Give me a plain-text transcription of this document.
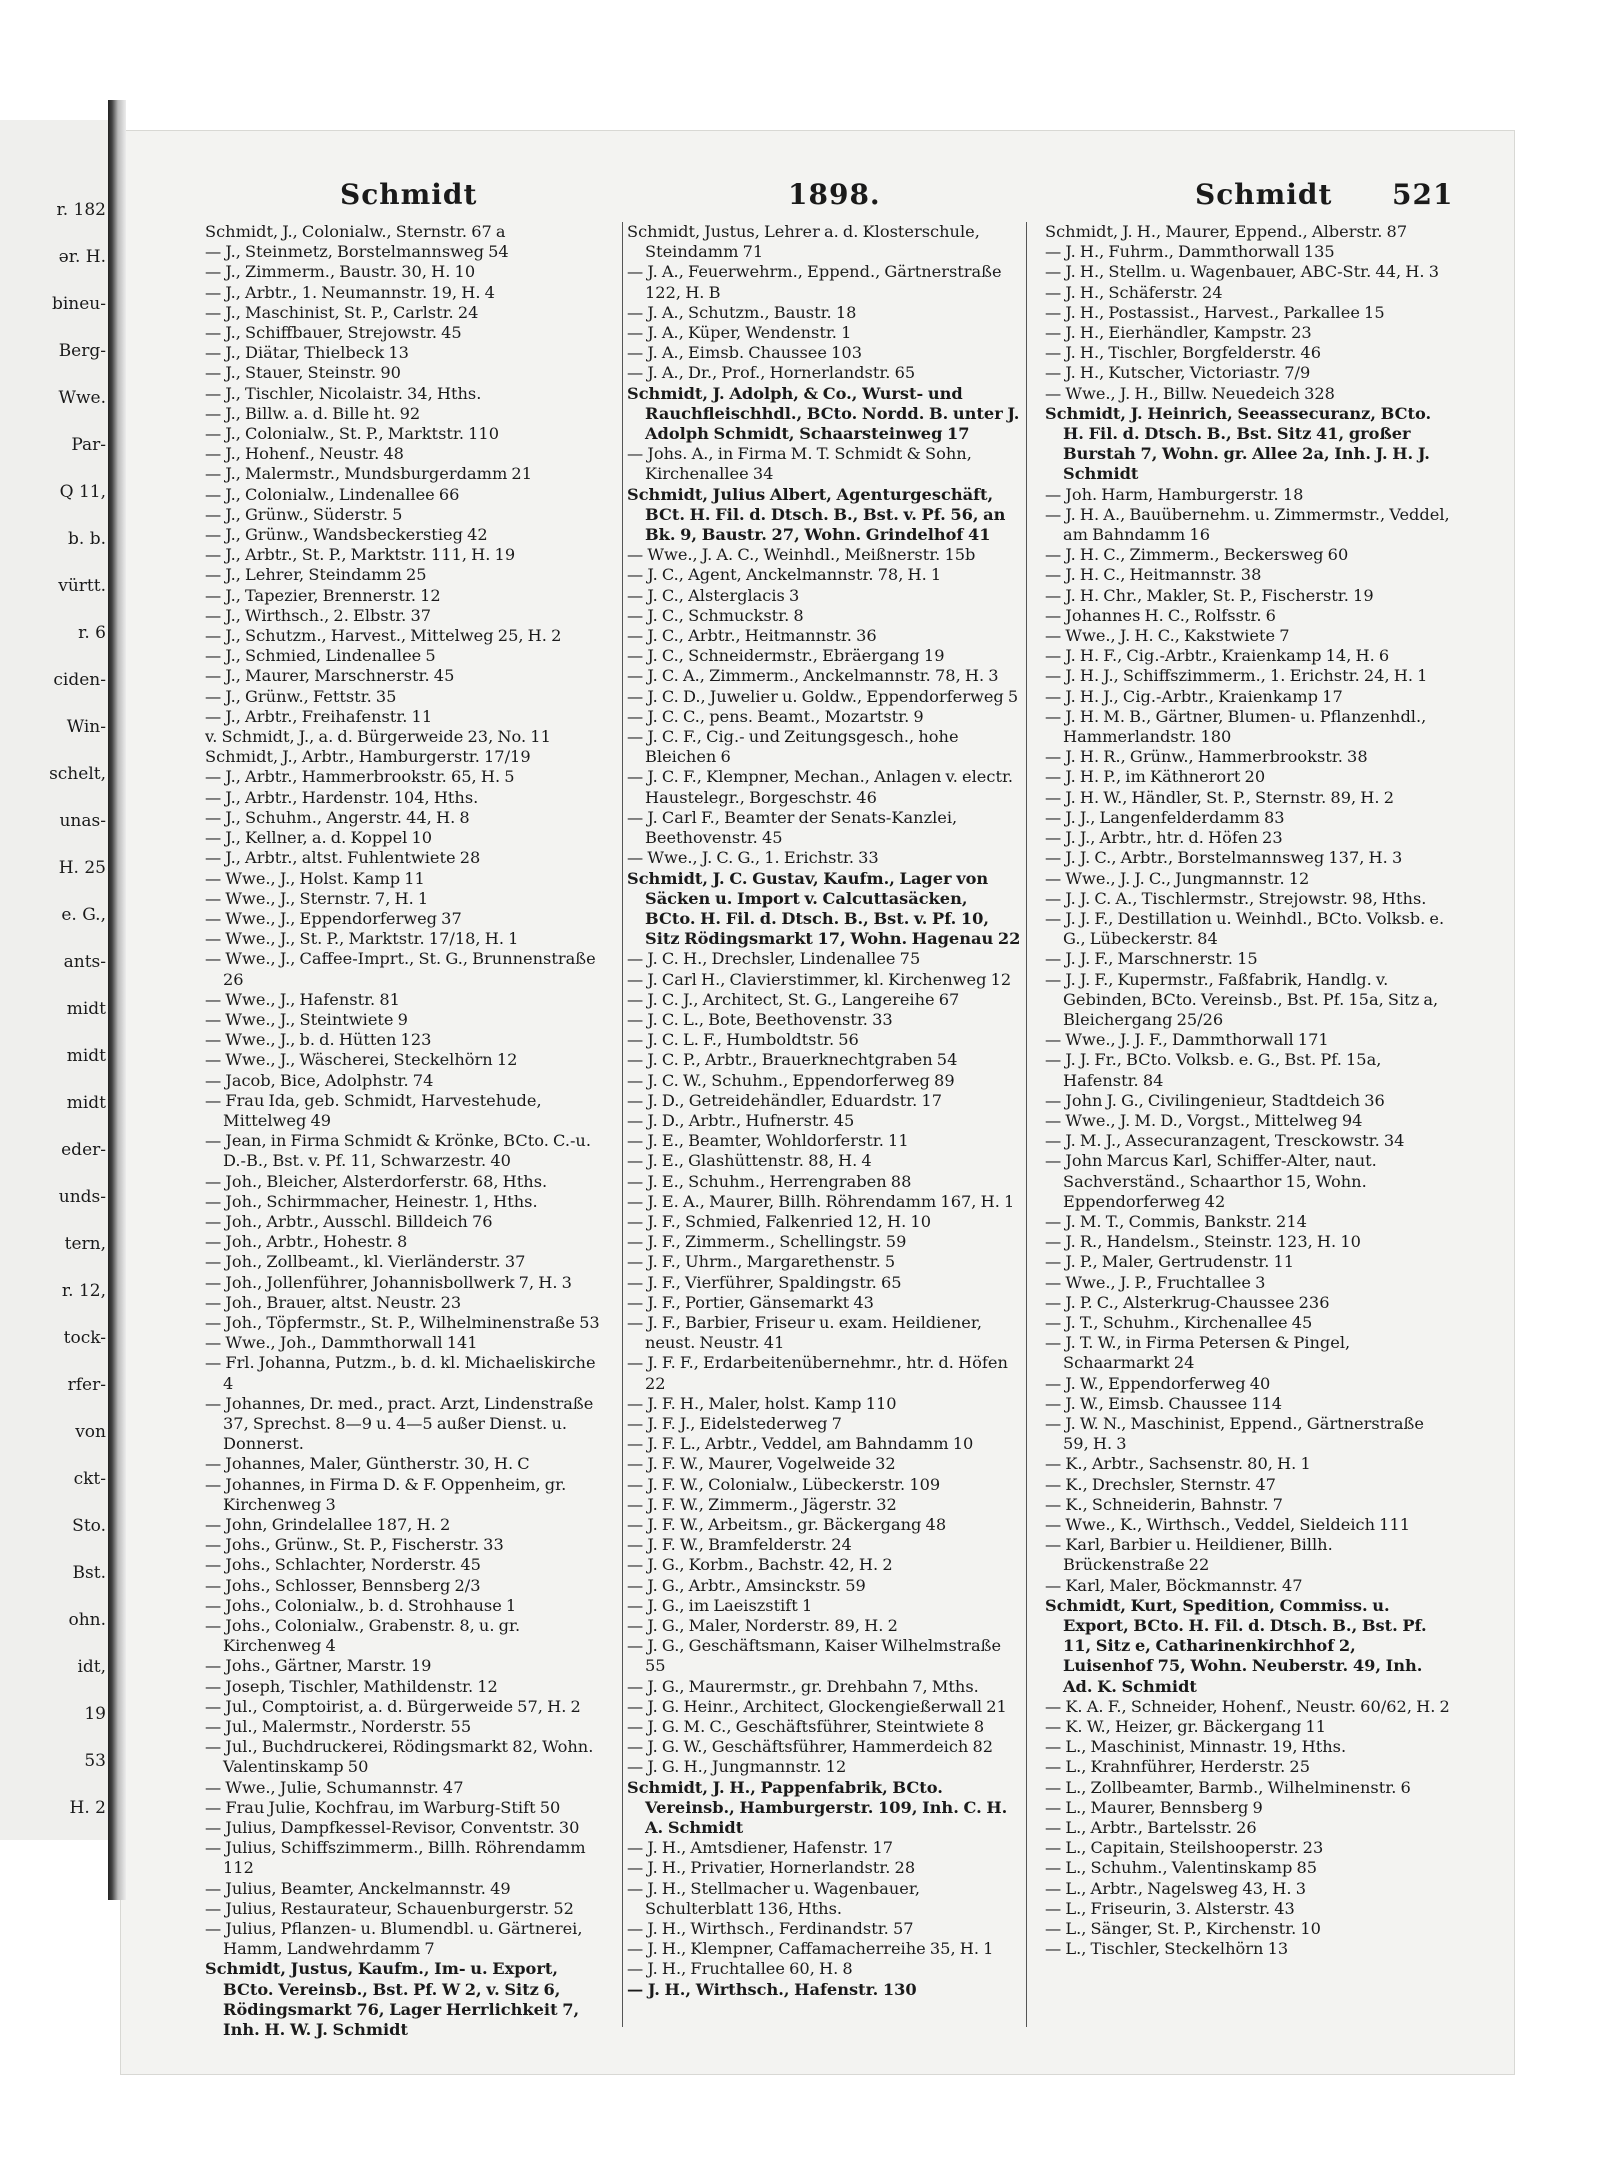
r. 182
ər. H.
bineu-
Berg-
Wwe.
Par-
Q 11,
b. b.
vürtt.
r. 6
ciden-
Win-
schelt,
unas-
H. 25
e. G.,
ants-
midt
midt
midt
eder-
unds-
tern,
r. 12,
tock-
rfer-
von
ckt-
Sto.
Bst.
ohn.
idt,
19
53
H. 2
Schmidt	1898.	Schmidt 521

Schmidt, J., Colonialw., Sternstr. 67 a

— J., Steinmetz, Borstelmannsweg 54

— J., Zimmerm., Baustr. 30, H. 10

— J., Arbtr., 1. Neumannstr. 19, H. 4

— J., Maschinist, St. P., Carlstr. 24

— J., Schiffbauer, Strejowstr. 45

— J., Diätar, Thielbeck 13

— J., Stauer, Steinstr. 90

— J., Tischler, Nicolaistr. 34, Hths.

— J., Billw. a. d. Bille ht. 92

— J., Colonialw., St. P., Marktstr. 110

— J., Hohenf., Neustr. 48

— J., Malermstr., Mundsburgerdamm 21

— J., Colonialw., Lindenallee 66

— J., Grünw., Süderstr. 5

— J., Grünw., Wandsbeckerstieg 42

— J., Arbtr., St. P., Marktstr. 111, H. 19

— J., Lehrer, Steindamm 25

— J., Tapezier, Brennerstr. 12

— J., Wirthsch., 2. Elbstr. 37

— J., Schutzm., Harvest., Mittelweg 25, H. 2

— J., Schmied, Lindenallee 5

— J., Maurer, Marschnerstr. 45

— J., Grünw., Fettstr. 35

— J., Arbtr., Freihafenstr. 11

v. Schmidt, J., a. d. Bürgerweide 23, No. 11

Schmidt, J., Arbtr., Hamburgerstr. 17/19

— J., Arbtr., Hammerbrookstr. 65, H. 5

— J., Arbtr., Hardenstr. 104, Hths.

— J., Schuhm., Angerstr. 44, H. 8

— J., Kellner, a. d. Koppel 10

— J., Arbtr., altst. Fuhlentwiete 28

— Wwe., J., Holst. Kamp 11

— Wwe., J., Sternstr. 7, H. 1

— Wwe., J., Eppendorferweg 37

— Wwe., J., St. P., Marktstr. 17/18, H. 1

— Wwe., J., Caffee-Imprt., St. G., Brunnenstraße 26

— Wwe., J., Hafenstr. 81

— Wwe., J., Steintwiete 9

— Wwe., J., b. d. Hütten 123

— Wwe., J., Wäscherei, Steckelhörn 12

— Jacob, Bice, Adolphstr. 74

— Frau Ida, geb. Schmidt, Harvestehude, Mittelweg 49

— Jean, in Firma Schmidt & Krönke, BCto. C.-u. D.-B., Bst. v. Pf. 11, Schwarzestr. 40

— Joh., Bleicher, Alsterdorferstr. 68, Hths.

— Joh., Schirmmacher, Heinestr. 1, Hths.

— Joh., Arbtr., Ausschl. Billdeich 76

— Joh., Arbtr., Hohestr. 8

— Joh., Zollbeamt., kl. Vierländerstr. 37

— Joh., Jollenführer, Johannisbollwerk 7, H. 3

— Joh., Brauer, altst. Neustr. 23

— Joh., Töpfermstr., St. P., Wilhelminenstraße 53

— Wwe., Joh., Dammthorwall 141

— Frl. Johanna, Putzm., b. d. kl. Michaeliskirche 4

— Johannes, Dr. med., pract. Arzt, Lindenstraße 37, Sprechst. 8—9 u. 4—5 außer Dienst. u. Donnerst.

— Johannes, Maler, Güntherstr. 30, H. C

— Johannes, in Firma D. & F. Oppenheim, gr. Kirchenweg 3

— John, Grindelallee 187, H. 2

— Johs., Grünw., St. P., Fischerstr. 33

— Johs., Schlachter, Norderstr. 45

— Johs., Schlosser, Bennsberg 2/3

— Johs., Colonialw., b. d. Strohhause 1

— Johs., Colonialw., Grabenstr. 8, u. gr. Kirchenweg 4

— Johs., Gärtner, Marstr. 19

— Joseph, Tischler, Mathildenstr. 12

— Jul., Comptoirist, a. d. Bürgerweide 57, H. 2

— Jul., Malermstr., Norderstr. 55

— Jul., Buchdruckerei, Rödingsmarkt 82, Wohn. Valentinskamp 50

— Wwe., Julie, Schumannstr. 47

— Frau Julie, Kochfrau, im Warburg-Stift 50

— Julius, Dampfkessel-Revisor, Conventstr. 30

— Julius, Schiffszimmerm., Billh. Röhrendamm 112

— Julius, Beamter, Anckelmannstr. 49

— Julius, Restaurateur, Schauenburgerstr. 52

— Julius, Pflanzen- u. Blumendbl. u. Gärtnerei, Hamm, Landwehrdamm 7

Schmidt, Justus, Kaufm., Im- u. Export, BCto. Vereinsb., Bst. Pf. W 2, v. Sitz 6, Rödingsmarkt 76, Lager Herrlichkeit 7, Inh. H. W. J. Schmidt

Schmidt, Justus, Lehrer a. d. Klosterschule, Steindamm 71

— J. A., Feuerwehrm., Eppend., Gärtnerstraße 122, H. B

— J. A., Schutzm., Baustr. 18

— J. A., Küper, Wendenstr. 1

— J. A., Eimsb. Chaussee 103

— J. A., Dr., Prof., Hornerlandstr. 65

Schmidt, J. Adolph, & Co., Wurst- und Rauchfleischhdl., BCto. Nordd. B. unter J. Adolph Schmidt, Schaarsteinweg 17

— Johs. A., in Firma M. T. Schmidt & Sohn, Kirchenallee 34

Schmidt, Julius Albert, Agenturgeschäft, BCt. H. Fil. d. Dtsch. B., Bst. v. Pf. 56, an Bk. 9, Baustr. 27, Wohn. Grindelhof 41

— Wwe., J. A. C., Weinhdl., Meißnerstr. 15b

— J. C., Agent, Anckelmannstr. 78, H. 1

— J. C., Alsterglacis 3

— J. C., Schmuckstr. 8

— J. C., Arbtr., Heitmannstr. 36

— J. C., Schneidermstr., Ebräergang 19

— J. C. A., Zimmerm., Anckelmannstr. 78, H. 3

— J. C. D., Juwelier u. Goldw., Eppendorferweg 5

— J. C. C., pens. Beamt., Mozartstr. 9

— J. C. F., Cig.- und Zeitungsgesch., hohe Bleichen 6

— J. C. F., Klempner, Mechan., Anlagen v. electr. Haustelegr., Borgeschstr. 46

— J. Carl F., Beamter der Senats-Kanzlei, Beethovenstr. 45

— Wwe., J. C. G., 1. Erichstr. 33

Schmidt, J. C. Gustav, Kaufm., Lager von Säcken u. Import v. Calcuttasäcken, BCto. H. Fil. d. Dtsch. B., Bst. v. Pf. 10, Sitz Rödingsmarkt 17, Wohn. Hagenau 22

— J. C. H., Drechsler, Lindenallee 75

— J. Carl H., Clavierstimmer, kl. Kirchenweg 12

— J. C. J., Architect, St. G., Langereihe 67

— J. C. L., Bote, Beethovenstr. 33

— J. C. L. F., Humboldtstr. 56

— J. C. P., Arbtr., Brauerknechtgraben 54

— J. C. W., Schuhm., Eppendorferweg 89

— J. D., Getreidehändler, Eduardstr. 17

— J. D., Arbtr., Hufnerstr. 45

— J. E., Beamter, Wohldorferstr. 11

— J. E., Glashüttenstr. 88, H. 4

— J. E., Schuhm., Herrengraben 88

— J. E. A., Maurer, Billh. Röhrendamm 167, H. 1

— J. F., Schmied, Falkenried 12, H. 10

— J. F., Zimmerm., Schellingstr. 59

— J. F., Uhrm., Margarethenstr. 5

— J. F., Vierführer, Spaldingstr. 65

— J. F., Portier, Gänsemarkt 43

— J. F., Barbier, Friseur u. exam. Heildiener, neust. Neustr. 41

— J. F. F., Erdarbeitenübernehmr., htr. d. Höfen 22

— J. F. H., Maler, holst. Kamp 110

— J. F. J., Eidelstederweg 7

— J. F. L., Arbtr., Veddel, am Bahndamm 10

— J. F. W., Maurer, Vogelweide 32

— J. F. W., Colonialw., Lübeckerstr. 109

— J. F. W., Zimmerm., Jägerstr. 32

— J. F. W., Arbeitsm., gr. Bäckergang 48

— J. F. W., Bramfelderstr. 24

— J. G., Korbm., Bachstr. 42, H. 2

— J. G., Arbtr., Amsinckstr. 59

— J. G., im Laeiszstift 1

— J. G., Maler, Norderstr. 89, H. 2

— J. G., Geschäftsmann, Kaiser Wilhelmstraße 55

— J. G., Maurermstr., gr. Drehbahn 7, Mths.

— J. G. Heinr., Architect, Glockengießerwall 21

— J. G. M. C., Geschäftsführer, Steintwiete 8

— J. G. W., Geschäftsführer, Hammerdeich 82

— J. G. H., Jungmannstr. 12

Schmidt, J. H., Pappenfabrik, BCto. Vereinsb., Hamburgerstr. 109, Inh. C. H. A. Schmidt

— J. H., Amtsdiener, Hafenstr. 17

— J. H., Privatier, Hornerlandstr. 28

— J. H., Stellmacher u. Wagenbauer, Schulterblatt 136, Hths.

— J. H., Wirthsch., Ferdinandstr. 57

— J. H., Klempner, Caffamacherreihe 35, H. 1

— J. H., Fruchtallee 60, H. 8

— J. H., Wirthsch., Hafenstr. 130

Schmidt, J. H., Maurer, Eppend., Alberstr. 87

— J. H., Fuhrm., Dammthorwall 135

— J. H., Stellm. u. Wagenbauer, ABC-Str. 44, H. 3

— J. H., Schäferstr. 24

— J. H., Postassist., Harvest., Parkallee 15

— J. H., Eierhändler, Kampstr. 23

— J. H., Tischler, Borgfelderstr. 46

— J. H., Kutscher, Victoriastr. 7/9

— Wwe., J. H., Billw. Neuedeich 328

Schmidt, J. Heinrich, Seeassecuranz, BCto. H. Fil. d. Dtsch. B., Bst. Sitz 41, großer Burstah 7, Wohn. gr. Allee 2a, Inh. J. H. J. Schmidt

— Joh. Harm, Hamburgerstr. 18

— J. H. A., Bauübernehm. u. Zimmermstr., Veddel, am Bahndamm 16

— J. H. C., Zimmerm., Beckersweg 60

— J. H. C., Heitmannstr. 38

— J. H. Chr., Makler, St. P., Fischerstr. 19

— Johannes H. C., Rolfsstr. 6

— Wwe., J. H. C., Kakstwiete 7

— J. H. F., Cig.-Arbtr., Kraienkamp 14, H. 6

— J. H. J., Schiffszimmerm., 1. Erichstr. 24, H. 1

— J. H. J., Cig.-Arbtr., Kraienkamp 17

— J. H. M. B., Gärtner, Blumen- u. Pflanzenhdl., Hammerlandstr. 180

— J. H. R., Grünw., Hammerbrookstr. 38

— J. H. P., im Käthnerort 20

— J. H. W., Händler, St. P., Sternstr. 89, H. 2

— J. J., Langenfelderdamm 83

— J. J., Arbtr., htr. d. Höfen 23

— J. J. C., Arbtr., Borstelmannsweg 137, H. 3

— Wwe., J. J. C., Jungmannstr. 12

— J. J. C. A., Tischlermstr., Strejowstr. 98, Hths.

— J. J. F., Destillation u. Weinhdl., BCto. Volksb. e. G., Lübeckerstr. 84

— J. J. F., Marschnerstr. 15

— J. J. F., Kupermstr., Faßfabrik, Handlg. v. Gebinden, BCto. Vereinsb., Bst. Pf. 15a, Sitz a, Bleichergang 25/26

— Wwe., J. J. F., Dammthorwall 171

— J. J. Fr., BCto. Volksb. e. G., Bst. Pf. 15a, Hafenstr. 84

— John J. G., Civilingenieur, Stadtdeich 36

— Wwe., J. M. D., Vorgst., Mittelweg 94

— J. M. J., Assecuranzagent, Tresckowstr. 34

— John Marcus Karl, Schiffer-Alter, naut. Sachverständ., Schaarthor 15, Wohn. Eppendorferweg 42

— J. M. T., Commis, Bankstr. 214

— J. R., Handelsm., Steinstr. 123, H. 10

— J. P., Maler, Gertrudenstr. 11

— Wwe., J. P., Fruchtallee 3

— J. P. C., Alsterkrug-Chaussee 236

— J. T., Schuhm., Kirchenallee 45

— J. T. W., in Firma Petersen & Pingel, Schaarmarkt 24

— J. W., Eppendorferweg 40

— J. W., Eimsb. Chaussee 114

— J. W. N., Maschinist, Eppend., Gärtnerstraße 59, H. 3

— K., Arbtr., Sachsenstr. 80, H. 1

— K., Drechsler, Sternstr. 47

— K., Schneiderin, Bahnstr. 7

— Wwe., K., Wirthsch., Veddel, Sieldeich 111

— Karl, Barbier u. Heildiener, Billh. Brückenstraße 22

— Karl, Maler, Böckmannstr. 47

Schmidt, Kurt, Spedition, Commiss. u. Export, BCto. H. Fil. d. Dtsch. B., Bst. Pf. 11, Sitz e, Catharinenkirchhof 2, Luisenhof 75, Wohn. Neuberstr. 49, Inh. Ad. K. Schmidt

— K. A. F., Schneider, Hohenf., Neustr. 60/62, H. 2

— K. W., Heizer, gr. Bäckergang 11

— L., Maschinist, Minnastr. 19, Hths.

— L., Krahnführer, Herderstr. 25

— L., Zollbeamter, Barmb., Wilhelminenstr. 6

— L., Maurer, Bennsberg 9

— L., Arbtr., Bartelsstr. 26

— L., Capitain, Steilshooperstr. 23

— L., Schuhm., Valentinskamp 85

— L., Arbtr., Nagelsweg 43, H. 3

— L., Friseurin, 3. Alsterstr. 43

— L., Sänger, St. P., Kirchenstr. 10

— L., Tischler, Steckelhörn 13
